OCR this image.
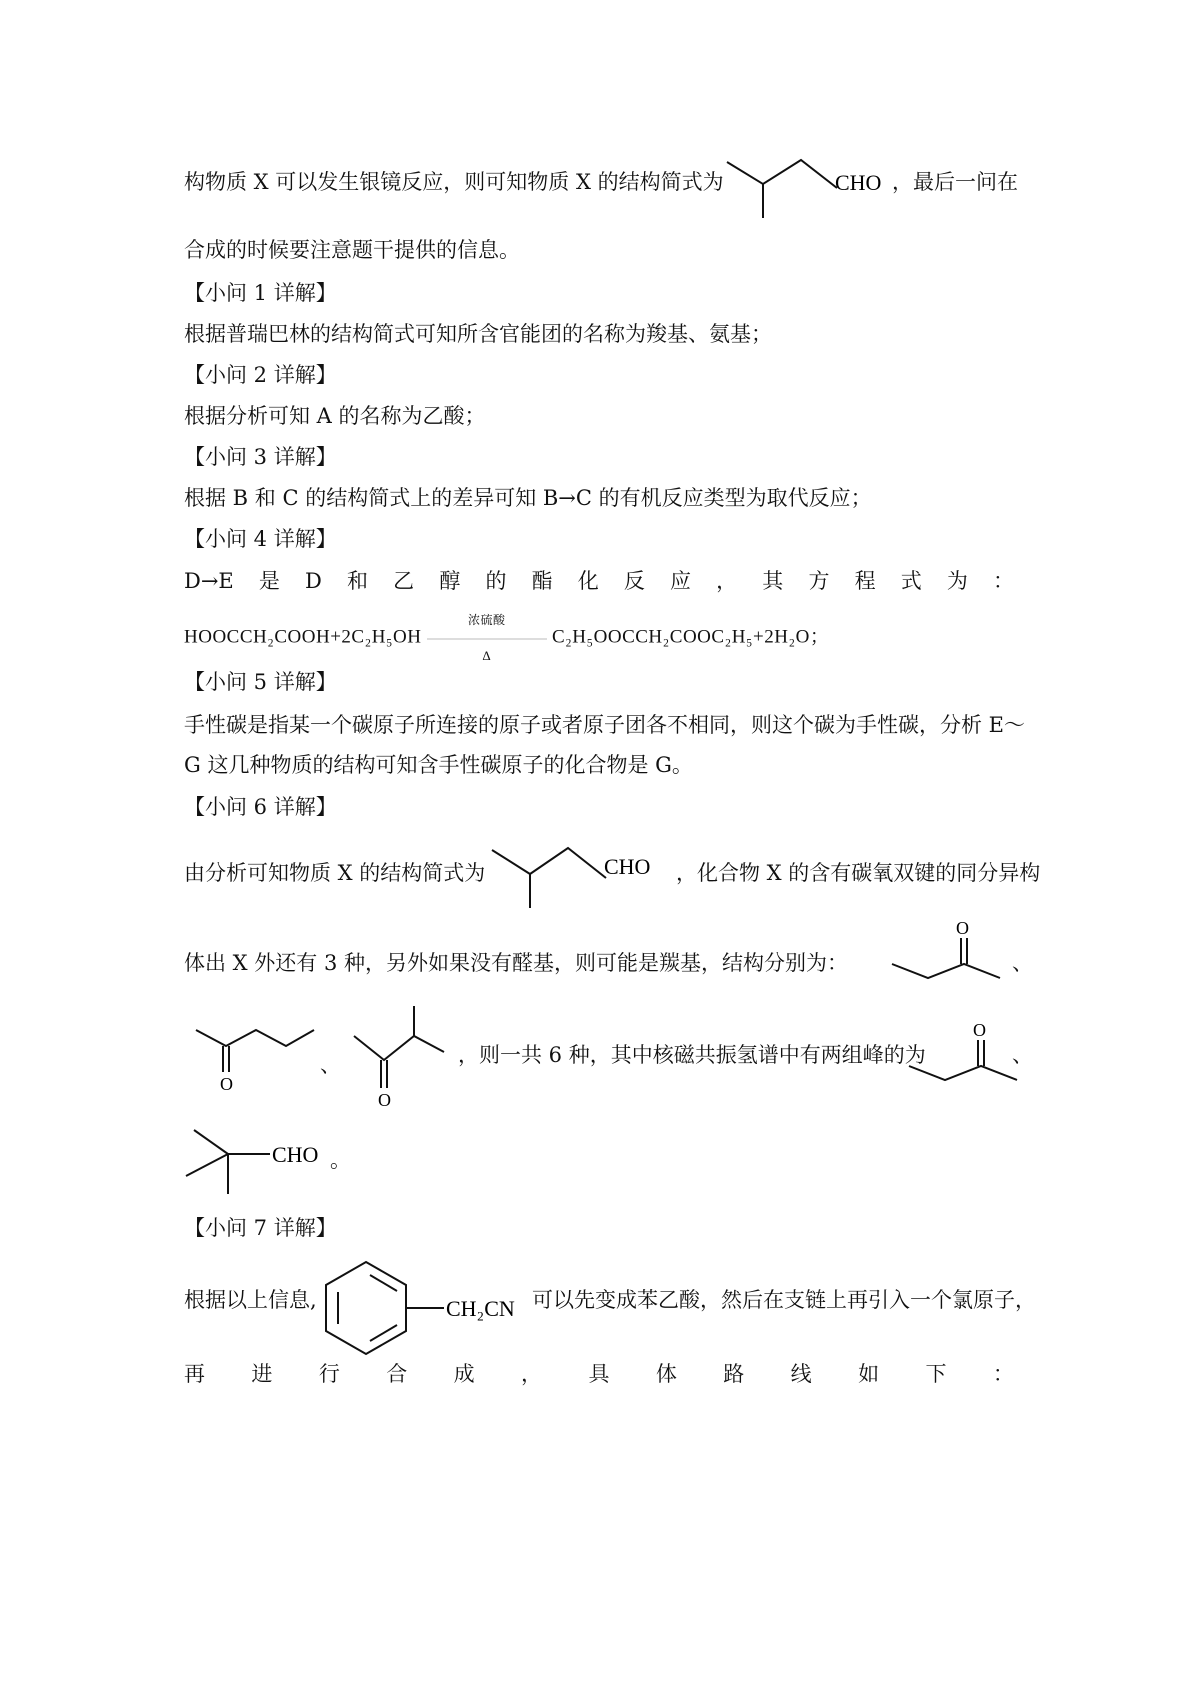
构物质 X 可以发生银镜反应，则可知物质 X 的结构简式为	CHO ，最后一问在
合成的时候要注意题干提供的信息。
【小问 1 详解】
根据普瑞巴林的结构简式可知所含官能团的名称为羧基、氨基；
【小问 2 详解】
根据分析可知 A 的名称为乙酸；
【小问 3 详解】
根据 B 和 C 的结构简式上的差异可知 B→C 的有机反应类型为取代反应；
【小问 4 详解】
D→E 是 D 和 乙 醇 的 酯 化 反 应 ， 其 方 程 式 为 ：
HOOCCH₂COOH+2C₂H₅OH
浓硫酸
Δ
C₂H₅OOCCH₂COOC₂H₅+2H₂O；
【小问 5 详解】
手性碳是指某一个碳原子所连接的原子或者原子团各不相同，则这个碳为手性碳，分析 E～
G 这几种物质的结构可知含手性碳原子的化合物是 G。
【小问 6 详解】
由分析可知物质 X 的结构简式为	CHO ，化合物 X 的含有碳氧双键的同分异构
体出 X 外还有 3 种，另外如果没有醛基，则可能是羰基，结构分别为：
O
、
O
、
O
，则一共 6 种，其中核磁共振氢谱中有两组峰的为
O
、
CHO 。
【小问 7 详解】
根据以上信息,	CH₂CN 可以先变成苯乙酸，然后在支链上再引入一个氯原子，
再 进 行 合 成 ， 具 体 路 线 如 下 ：
